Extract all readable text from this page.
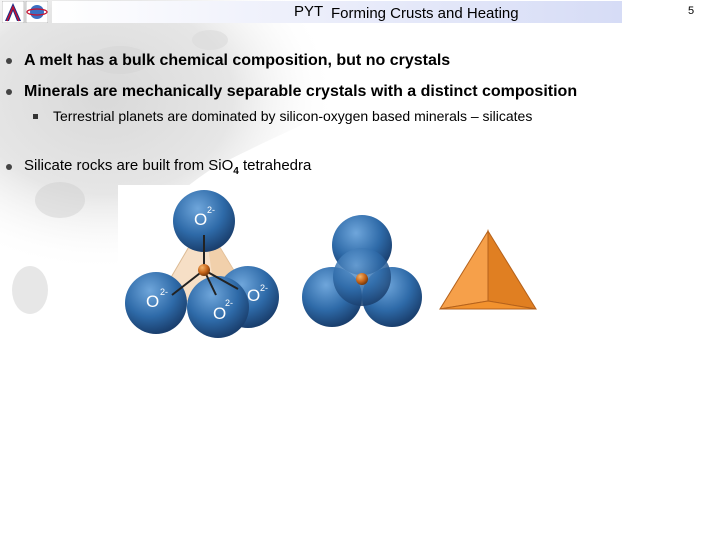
PYT Forming Crusts and Heating	5
A melt has a bulk chemical composition, but no crystals
Minerals are mechanically separable crystals with a distinct composition
Terrestrial planets are dominated by silicon-oxygen based minerals – silicates
Silicate rocks are built from SiO$_4$ tetrahedra
O 2-
O 2-	O 2-
O
2-
